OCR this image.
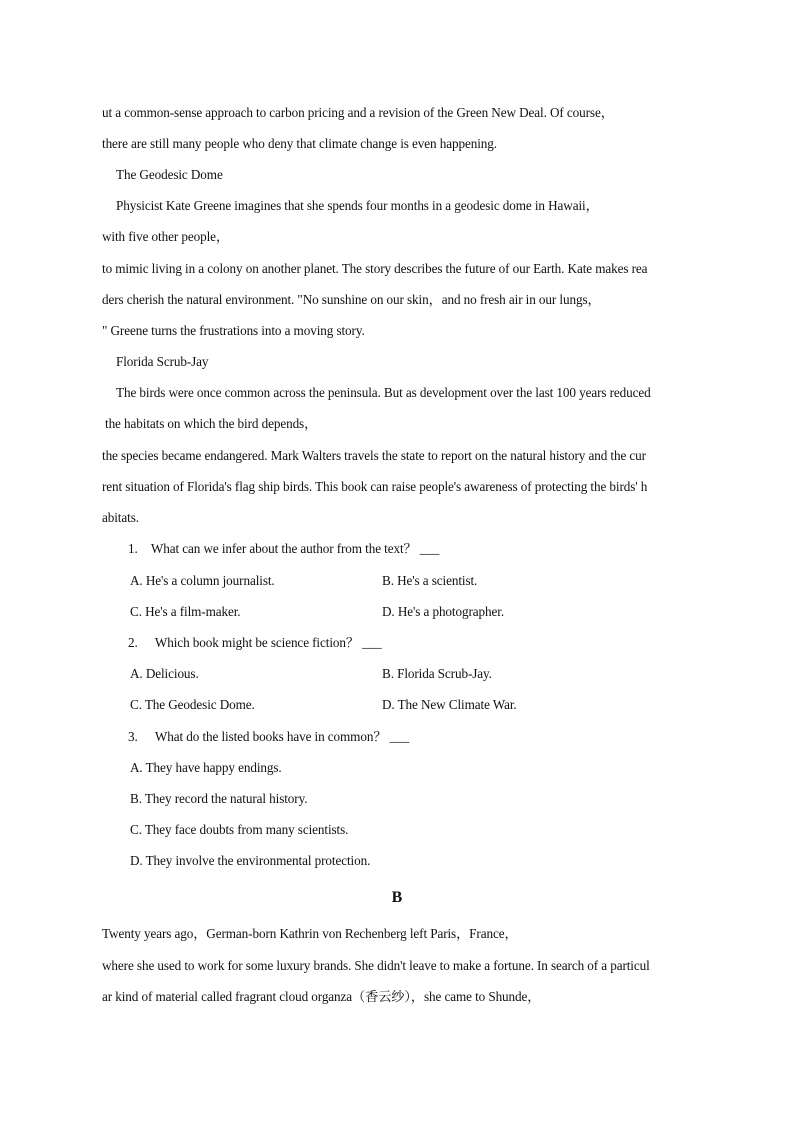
ut a common-sense approach to carbon pricing and a revision of the Green New Deal. Of course，
there are still many people who deny that climate change is even happening.
The Geodesic Dome
Physicist Kate Greene imagines that she spends four months in a geodesic dome in Hawaii，
with five other people，
to mimic living in a colony on another planet. The story describes the future of our Earth. Kate makes rea
ders cherish the natural environment. "No sunshine on our skin，and no fresh air in our lungs，
" Greene turns the frustrations into a moving story.
Florida Scrub-Jay
The birds were once common across the peninsula. But as development over the last 100 years reduced
the habitats on which the bird depends，
the species became endangered. Mark Walters travels the state to report on the natural history and the cur
rent situation of Florida's flag ship birds. This book can raise people's awareness of protecting the birds' h
abitats.
1. What can we infer about the author from the text？ ___
A. He's a column journalist.	B. He's a scientist.
C. He's a film-maker.	D. He's a photographer.
2. Which book might be science fiction？ ___
A. Delicious.	B. Florida Scrub-Jay.
C. The Geodesic Dome.	D. The New Climate War.
3. What do the listed books have in common？ ___
A. They have happy endings.
B. They record the natural history.
C. They face doubts from many scientists.
D. They involve the environmental protection.
B
Twenty years ago，German-born Kathrin von Rechenberg left Paris，France，
where she used to work for some luxury brands. She didn't leave to make a fortune. In search of a particul
ar kind of material called fragrant cloud organza（香云纱），she came to Shunde，
